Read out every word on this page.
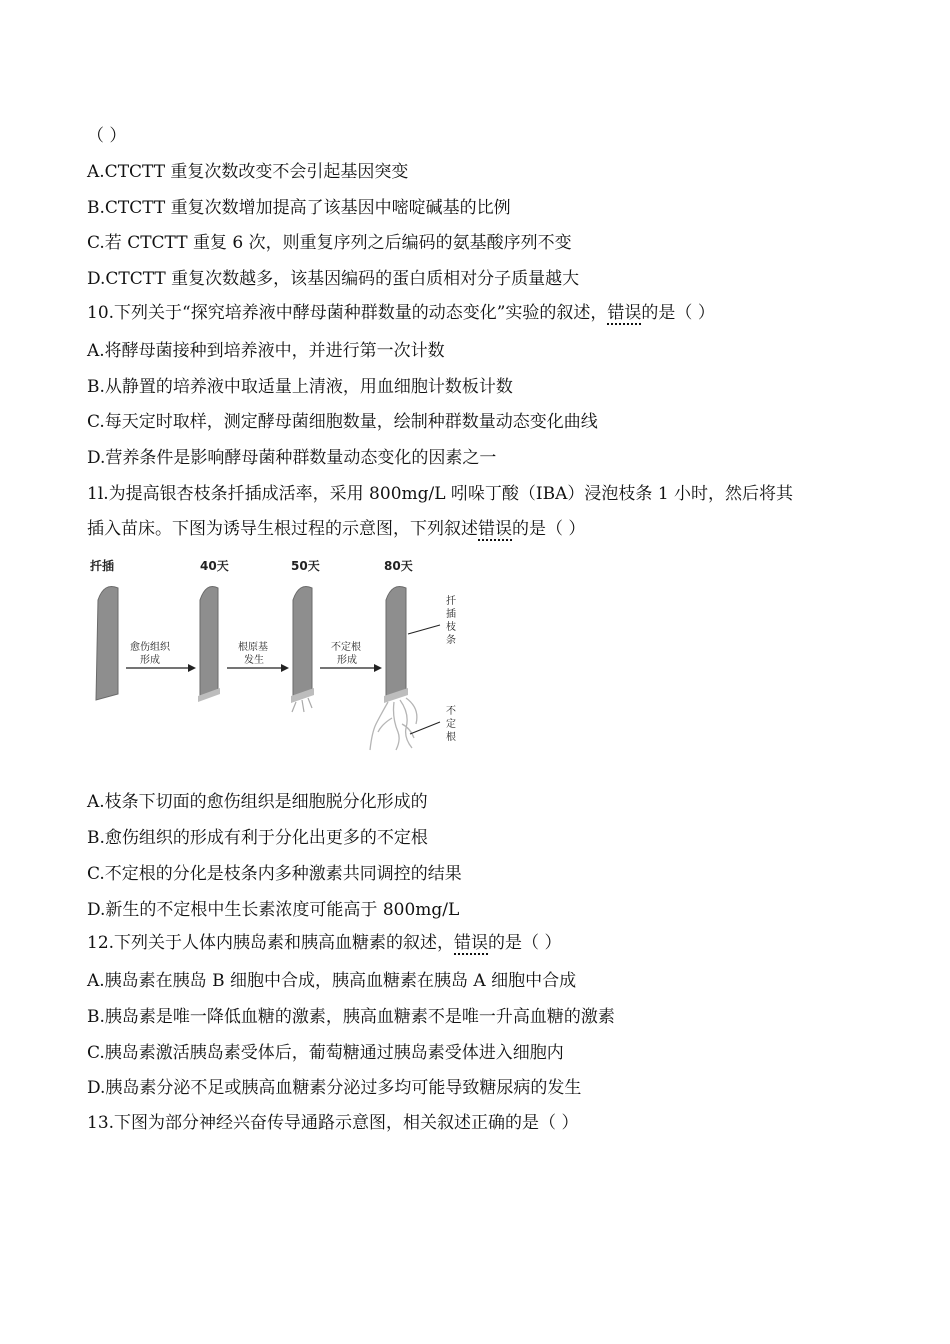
（ ）
A.CTCTT 重复次数改变不会引起基因突变
B.CTCTT 重复次数增加提高了该基因中嘧啶碱基的比例
C.若 CTCTT 重复 6 次，则重复序列之后编码的氨基酸序列不变
D.CTCTT 重复次数越多，该基因编码的蛋白质相对分子质量越大
10.下列关于“探究培养液中酵母菌种群数量的动态变化”实验的叙述，错误的是（ ）
A.将酵母菌接种到培养液中，并进行第一次计数
B.从静置的培养液中取适量上清液，用血细胞计数板计数
C.每天定时取样，测定酵母菌细胞数量，绘制种群数量动态变化曲线
D.营养条件是影响酵母菌种群数量动态变化的因素之一
1l.为提高银杏枝条扦插成活率，采用 800mg/L 吲哚丁酸（IBA）浸泡枝条 1 小时，然后将其
插入苗床。下图为诱导生根过程的示意图，下列叙述错误的是（ ）
扦插	40天	50天	80天
愈伤组织
形成
根原基
发生
不定根
形成
扦
插
枝
条
不
定
根
A.枝条下切面的愈伤组织是细胞脱分化形成的
B.愈伤组织的形成有利于分化出更多的不定根
C.不定根的分化是枝条内多种激素共同调控的结果
D.新生的不定根中生长素浓度可能高于 800mg/L
12.下列关于人体内胰岛素和胰高血糖素的叙述，错误的是（ ）
A.胰岛素在胰岛 B 细胞中合成，胰高血糖素在胰岛 A 细胞中合成
B.胰岛素是唯一降低血糖的激素，胰高血糖素不是唯一升高血糖的激素
C.胰岛素激活胰岛素受体后，葡萄糖通过胰岛素受体进入细胞内
D.胰岛素分泌不足或胰高血糖素分泌过多均可能导致糖尿病的发生
13.下图为部分神经兴奋传导通路示意图，相关叙述正确的是（ ）
